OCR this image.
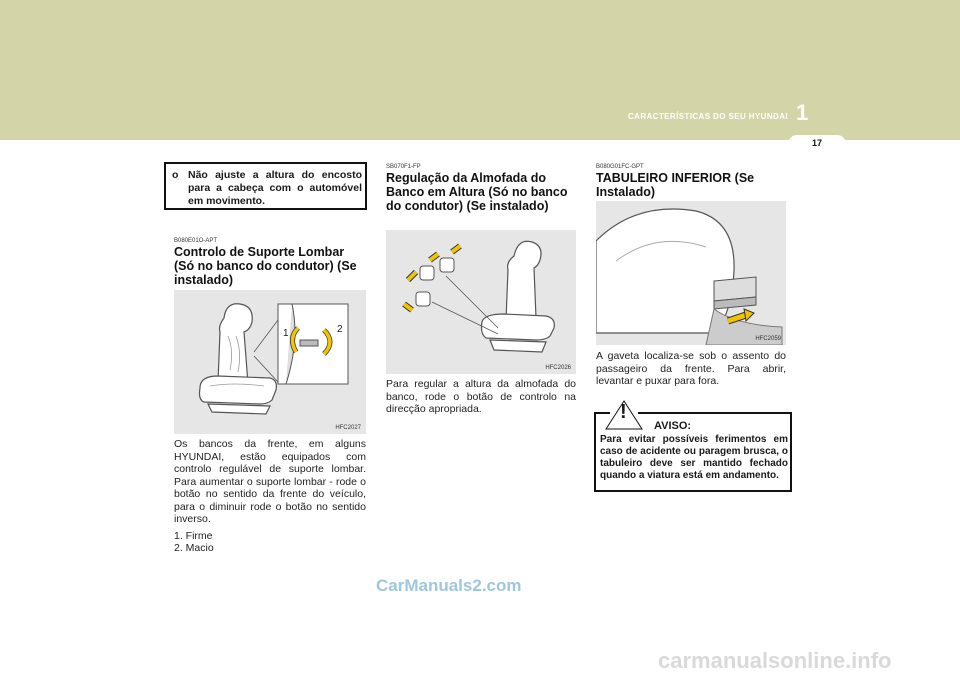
CARACTERÍSTICAS DO SEU HYUNDAI 1
17
o Não ajuste a altura do encosto para a cabeça com o automóvel em movimento.
B080E01O-APT
Controlo de Suporte Lombar (Só no banco do condutor) (Se instalado)
1	2
HFC2027

Os bancos da frente, em alguns HYUNDAI, estão equipados com controlo regulável de suporte lombar. Para aumentar o suporte lombar - rode o botão no sentido da frente do veículo, para o diminuir rode o botão no sentido inverso.

1. Firme

2. Macio

SB070F1-FP
Regulação da Almofada do Banco em Altura (Só no banco do condutor) (Se instalado)
HFC2026

Para regular a altura da almofada do banco, rode o botão de controlo na direcção apropriada.

B080G01FC-GPT
TABULEIRO INFERIOR (Se Instalado)
HFC2059

A gaveta localiza-se sob o assento do passageiro da frente. Para abrir, levantar e puxar para fora.

!
AVISO:
Para evitar possíveis ferimentos em caso de acidente ou paragem brusca, o tabuleiro deve ser mantido fechado quando a viatura está em andamento.
CarManuals2.com
carmanualsonline.info
